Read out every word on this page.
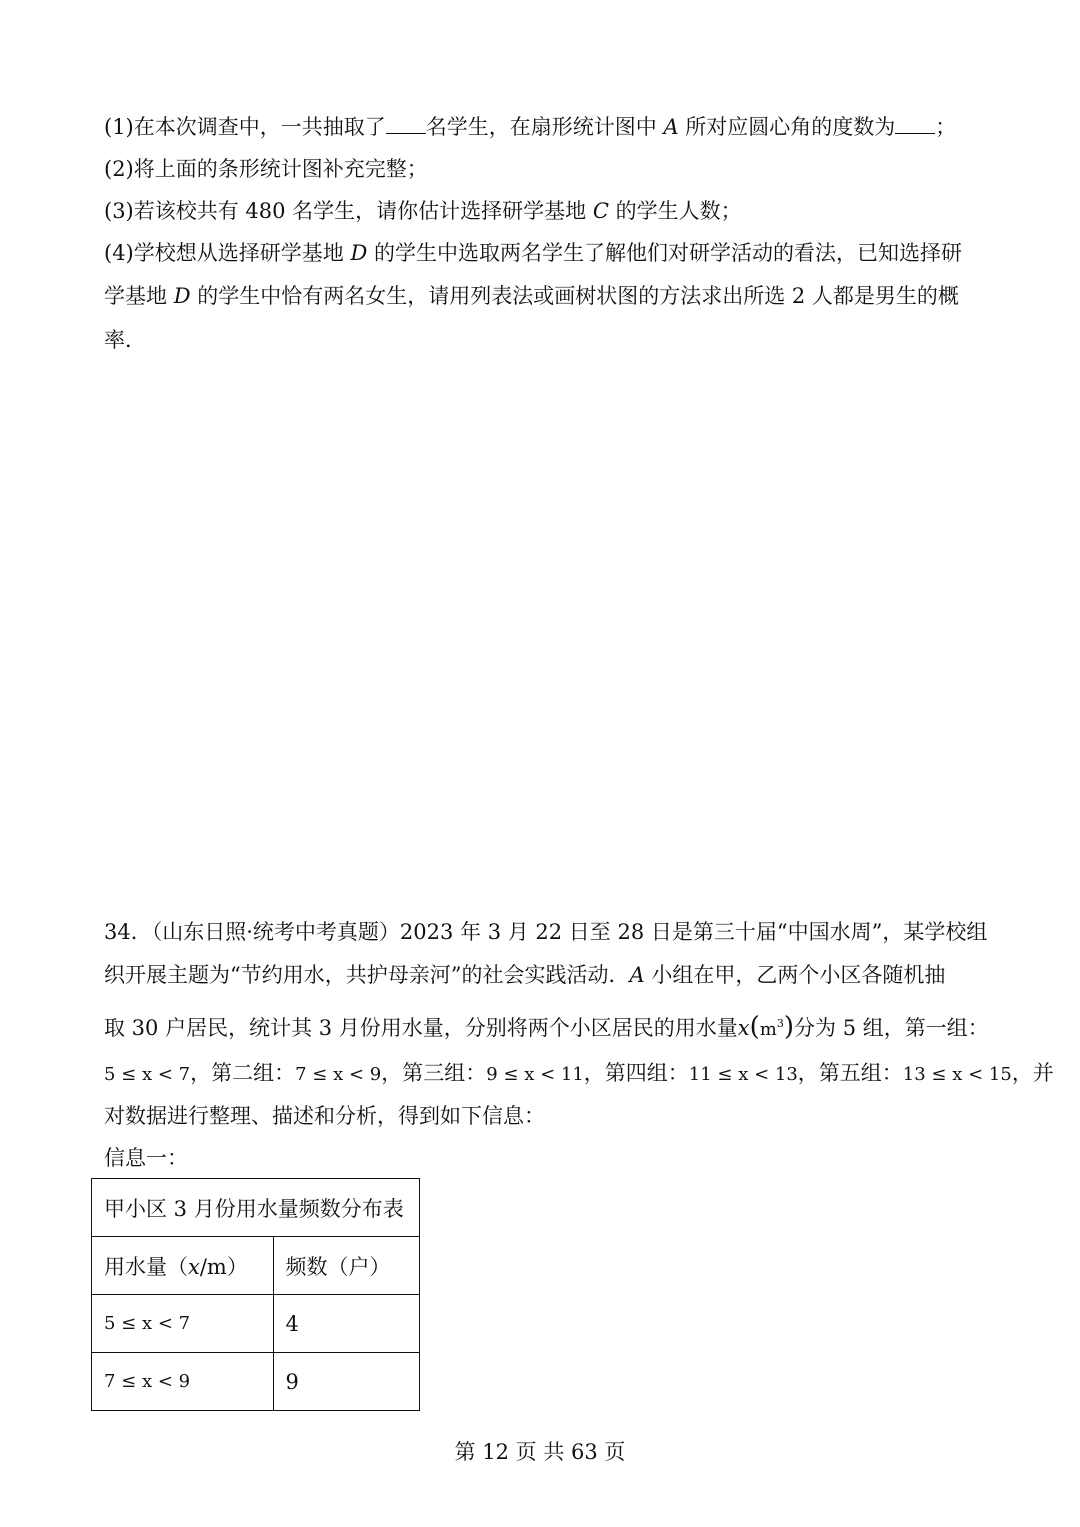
(1)在本次调查中，一共抽取了 名学生，在扇形统计图中 A 所对应圆心角的度数为 ；
(2)将上面的条形统计图补充完整；
(3)若该校共有 480 名学生，请你估计选择研学基地 C 的学生人数；
(4)学校想从选择研学基地 D 的学生中选取两名学生了解他们对研学活动的看法，已知选择研
学基地 D 的学生中恰有两名女生，请用列表法或画树状图的方法求出所选 2 人都是男生的概
率．
34．（山东日照·统考中考真题）2023 年 3 月 22 日至 28 日是第三十届“中国水周”，某学校组
织开展主题为“节约用水，共护母亲河”的社会实践活动．A 小组在甲，乙两个小区各随机抽
取 30 户居民，统计其 3 月份用水量，分别将两个小区居民的用水量$x(m^3)$分为 5 组，第一组：
5 ≤ x < 7，第二组：7 ≤ x < 9，第三组：9 ≤ x < 11，第四组：11 ≤ x < 13，第五组：13 ≤ x < 15，并
对数据进行整理、描述和分析，得到如下信息：
信息一：
甲小区 3 月份用水量频数分布表	
用水量（x/m）	频数（户）
5 ≤ x < 7	4
7 ≤ x < 9	9
第 12 页 共 63 页
